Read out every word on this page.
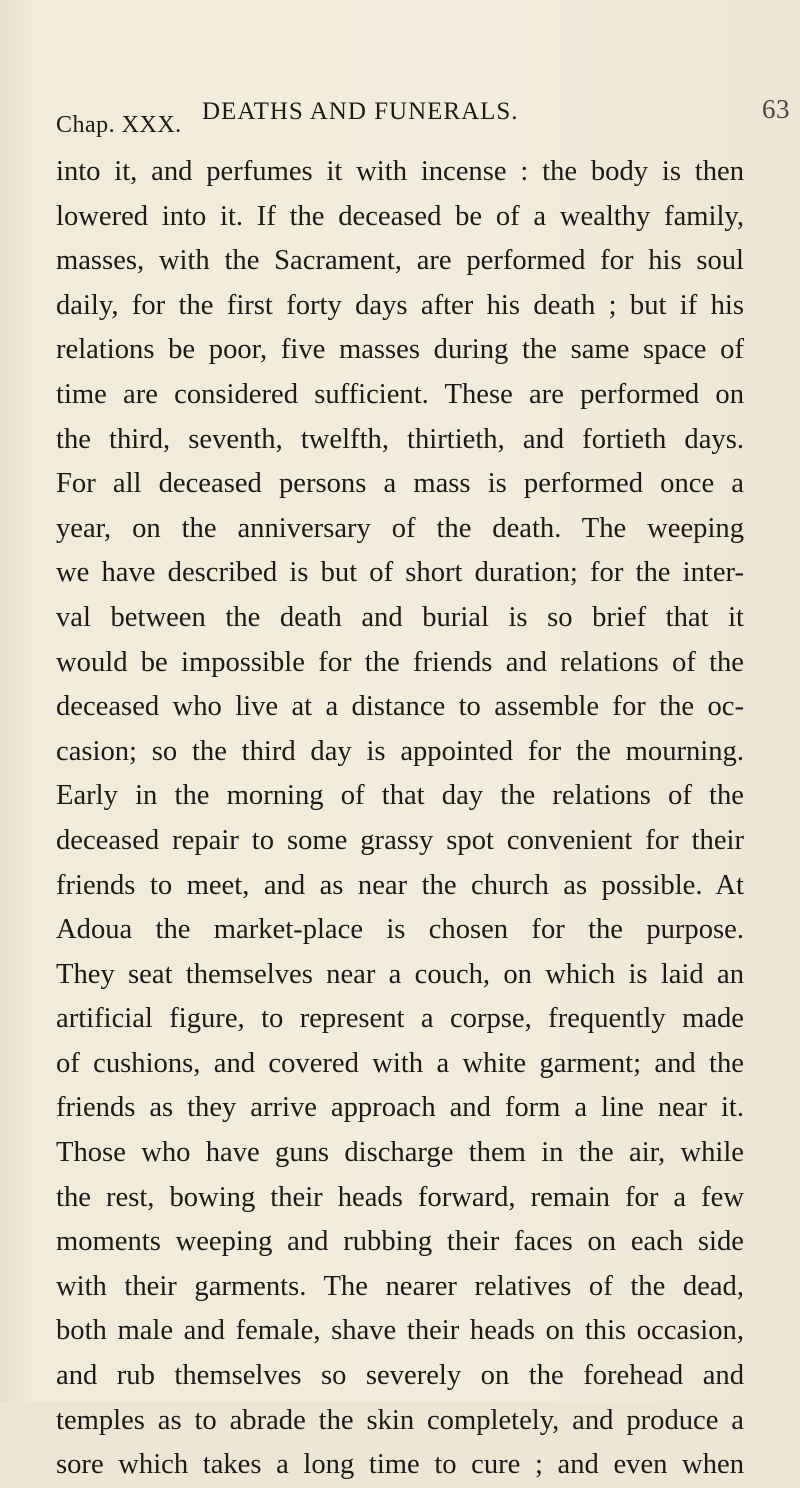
Chap. XXX. DEATHS AND FUNERALS.	63
into it, and perfumes it with incense : the body is then
lowered into it. If the deceased be of a wealthy family,
masses, with the Sacrament, are performed for his soul
daily, for the first forty days after his death ; but if his
relations be poor, five masses during the same space of
time are considered sufficient. These are performed on
the third, seventh, twelfth, thirtieth, and fortieth days.
For all deceased persons a mass is performed once a
year, on the anniversary of the death. The weeping
we have described is but of short duration; for the inter-
val between the death and burial is so brief that it
would be impossible for the friends and relations of the
deceased who live at a distance to assemble for the oc-
casion; so the third day is appointed for the mourning.
Early in the morning of that day the relations of the
deceased repair to some grassy spot convenient for their
friends to meet, and as near the church as possible. At
Adoua the market-place is chosen for the purpose.
They seat themselves near a couch, on which is laid an
artificial figure, to represent a corpse, frequently made
of cushions, and covered with a white garment; and the
friends as they arrive approach and form a line near it.
Those who have guns discharge them in the air, while
the rest, bowing their heads forward, remain for a few
moments weeping and rubbing their faces on each side
with their garments. The nearer relatives of the dead,
both male and female, shave their heads on this occasion,
and rub themselves so severely on the forehead and
temples as to abrade the skin completely, and produce a
sore which takes a long time to cure ; and even when
